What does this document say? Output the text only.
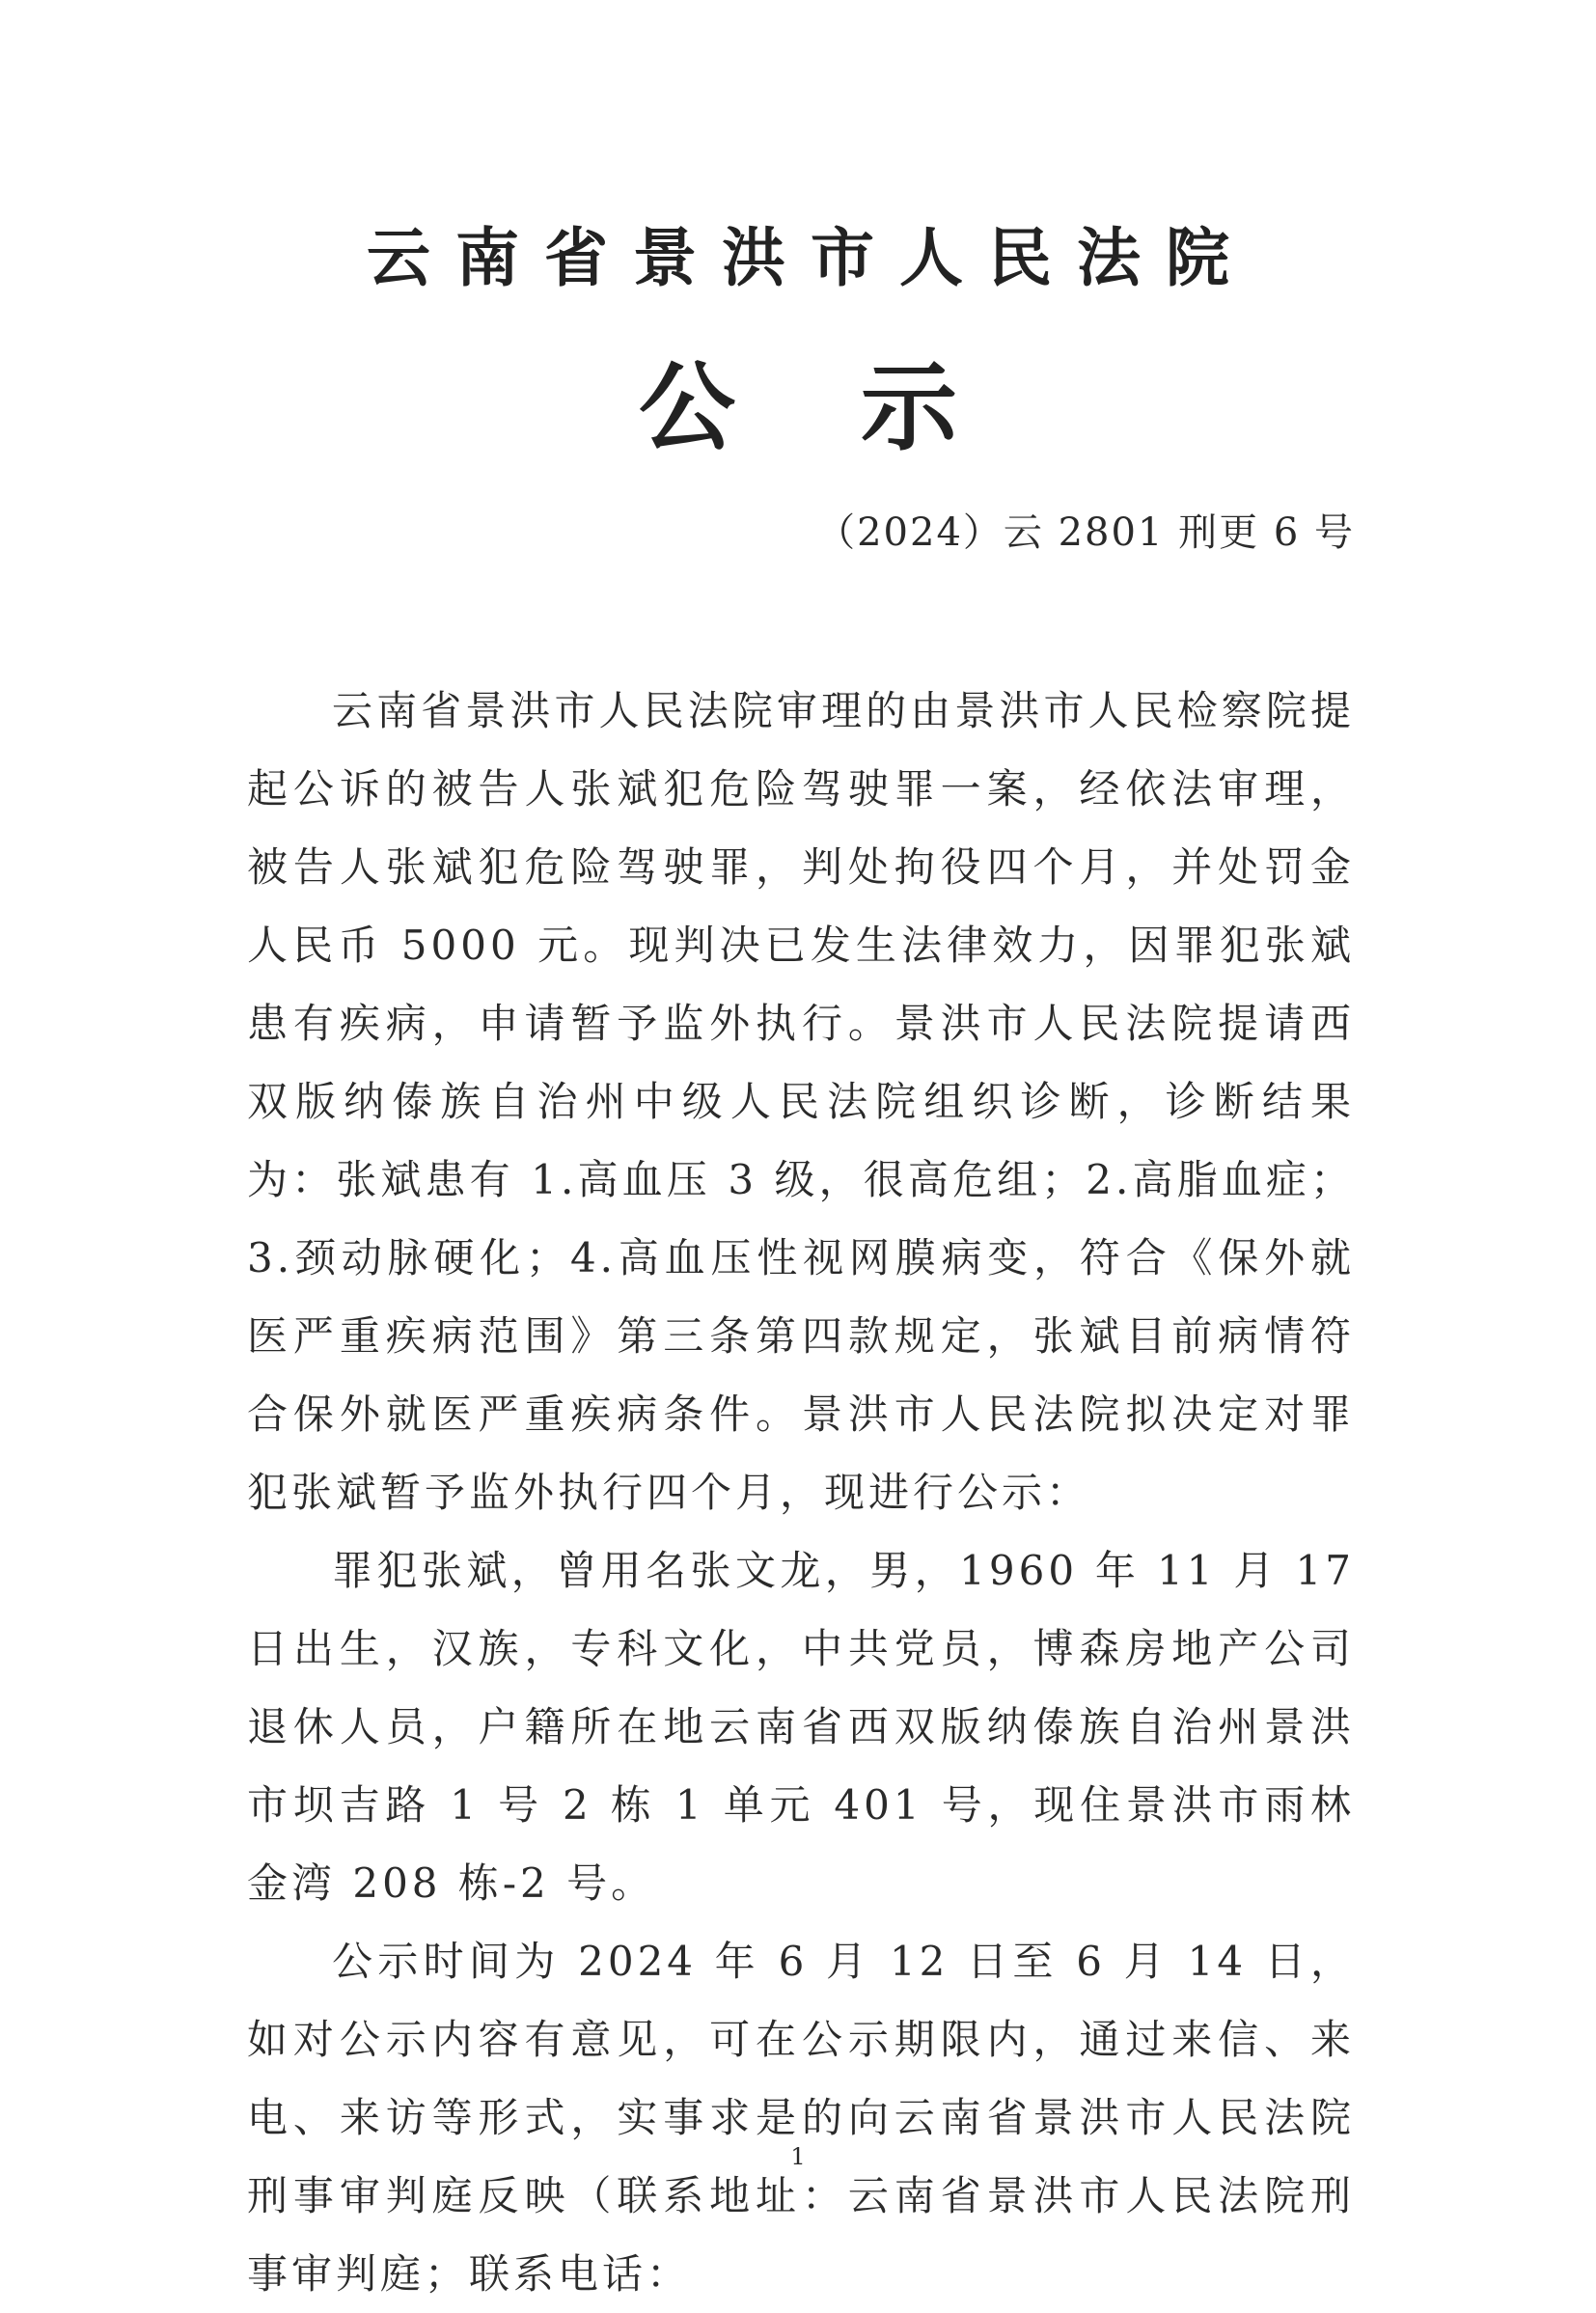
云南省景洪市人民法院
公示
（2024）云 2801 刑更 6 号

云南省景洪市人民法院审理的由景洪市人民检察院提起公诉的被告人张斌犯危险驾驶罪一案，经依法审理，被告人张斌犯危险驾驶罪，判处拘役四个月，并处罚金人民币 5000 元。现判决已发生法律效力，因罪犯张斌患有疾病，申请暂予监外执行。景洪市人民法院提请西双版纳傣族自治州中级人民法院组织诊断，诊断结果为：张斌患有 1.高血压 3 级，很高危组；2.高脂血症；3.颈动脉硬化；4.高血压性视网膜病变，符合《保外就医严重疾病范围》第三条第四款规定，张斌目前病情符合保外就医严重疾病条件。景洪市人民法院拟决定对罪犯张斌暂予监外执行四个月，现进行公示：

罪犯张斌，曾用名张文龙，男，1960 年 11 月 17 日出生，汉族，专科文化，中共党员，博森房地产公司退休人员，户籍所在地云南省西双版纳傣族自治州景洪市坝吉路 1 号 2 栋 1 单元 401 号，现住景洪市雨林金湾 208 栋-2 号。

公示时间为 2024 年 6 月 12 日至 6 月 14 日，如对公示内容有意见，可在公示期限内，通过来信、来电、来访等形式，实事求是的向云南省景洪市人民法院刑事审判庭反映（联系地址：云南省景洪市人民法院刑事审判庭；联系电话：

1
